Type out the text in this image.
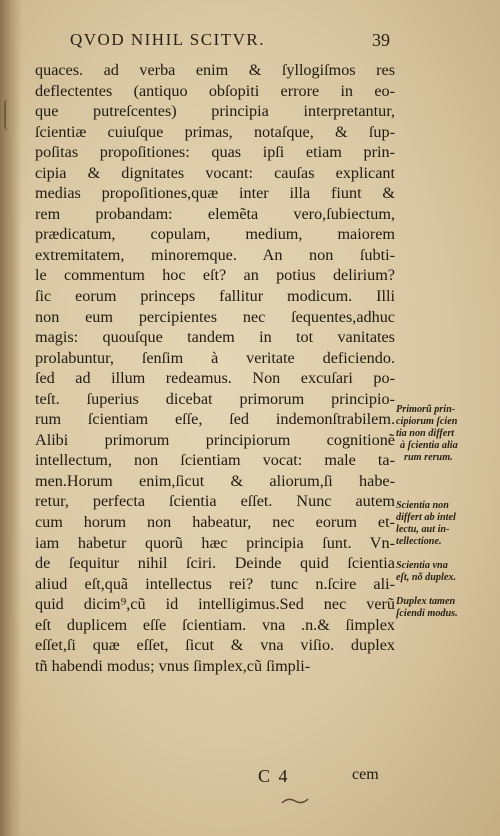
QVOD NIHIL SCITVR.	39
quaces. ad verba enim & ſyllogiſmos res
deflectentes (antiquo obſopiti errore in eo-
que putreſcentes) principia interpretantur,
ſcientiæ cuiuſque primas, notaſque, & ſup-
poſitas propoſitiones: quas ipſi etiam prin-
cipia & dignitates vocant: cauſas explicant
medias propoſitiones,quæ inter illa fiunt &
rem probandam: elemẽta vero,ſubiectum,
prædicatum, copulam, medium, maiorem
extremitatem, minoremque. An non ſubti-
le commentum hoc eſt? an potius delirium?
ſic eorum princeps fallitur modicum. Illi
non eum percipientes nec ſequentes,adhuc
magis: quouſque tandem in tot vanitates
prolabuntur, ſenſim à veritate deficiendo.
ſed ad illum redeamus. Non excuſari po-
teſt. ſuperius dicebat primorum principio-
rum ſcientiam eſſe, ſed indemonſtrabilem.
Alibi primorum principiorum cognitionẽ
intellectum, non ſcientiam vocat: male ta-
men.Horum enim,ſicut & aliorum,ſi habe-
retur, perfecta ſcientia eſſet. Nunc autem
cum horum non habeatur, nec eorum et-
iam habetur quorũ hæc principia ſunt. Vn-
de ſequitur nihil ſciri. Deinde quid ſcientia
aliud eſt,quã intellectus rei? tunc n.ſcire ali-
quid dicim⁹,cũ id intelligimus.Sed nec verũ
eſt duplicem eſſe ſcientiam. vna .n.& ſimplex
eſſet,ſi quæ eſſet, ſicut & vna viſio. duplex
tñ habendi modus; vnus ſimplex,cũ ſimpli-
Primorũ prin-
cipiorum ſcien
tia non differt
à ſcientia alia
rum rerum.
Scientia non
differt ab intel
lectu, aut in-
tellectione.
Scientia vna
eſt, nõ duplex.
Duplex tamen
ſciendi modus.
C 4	cem
